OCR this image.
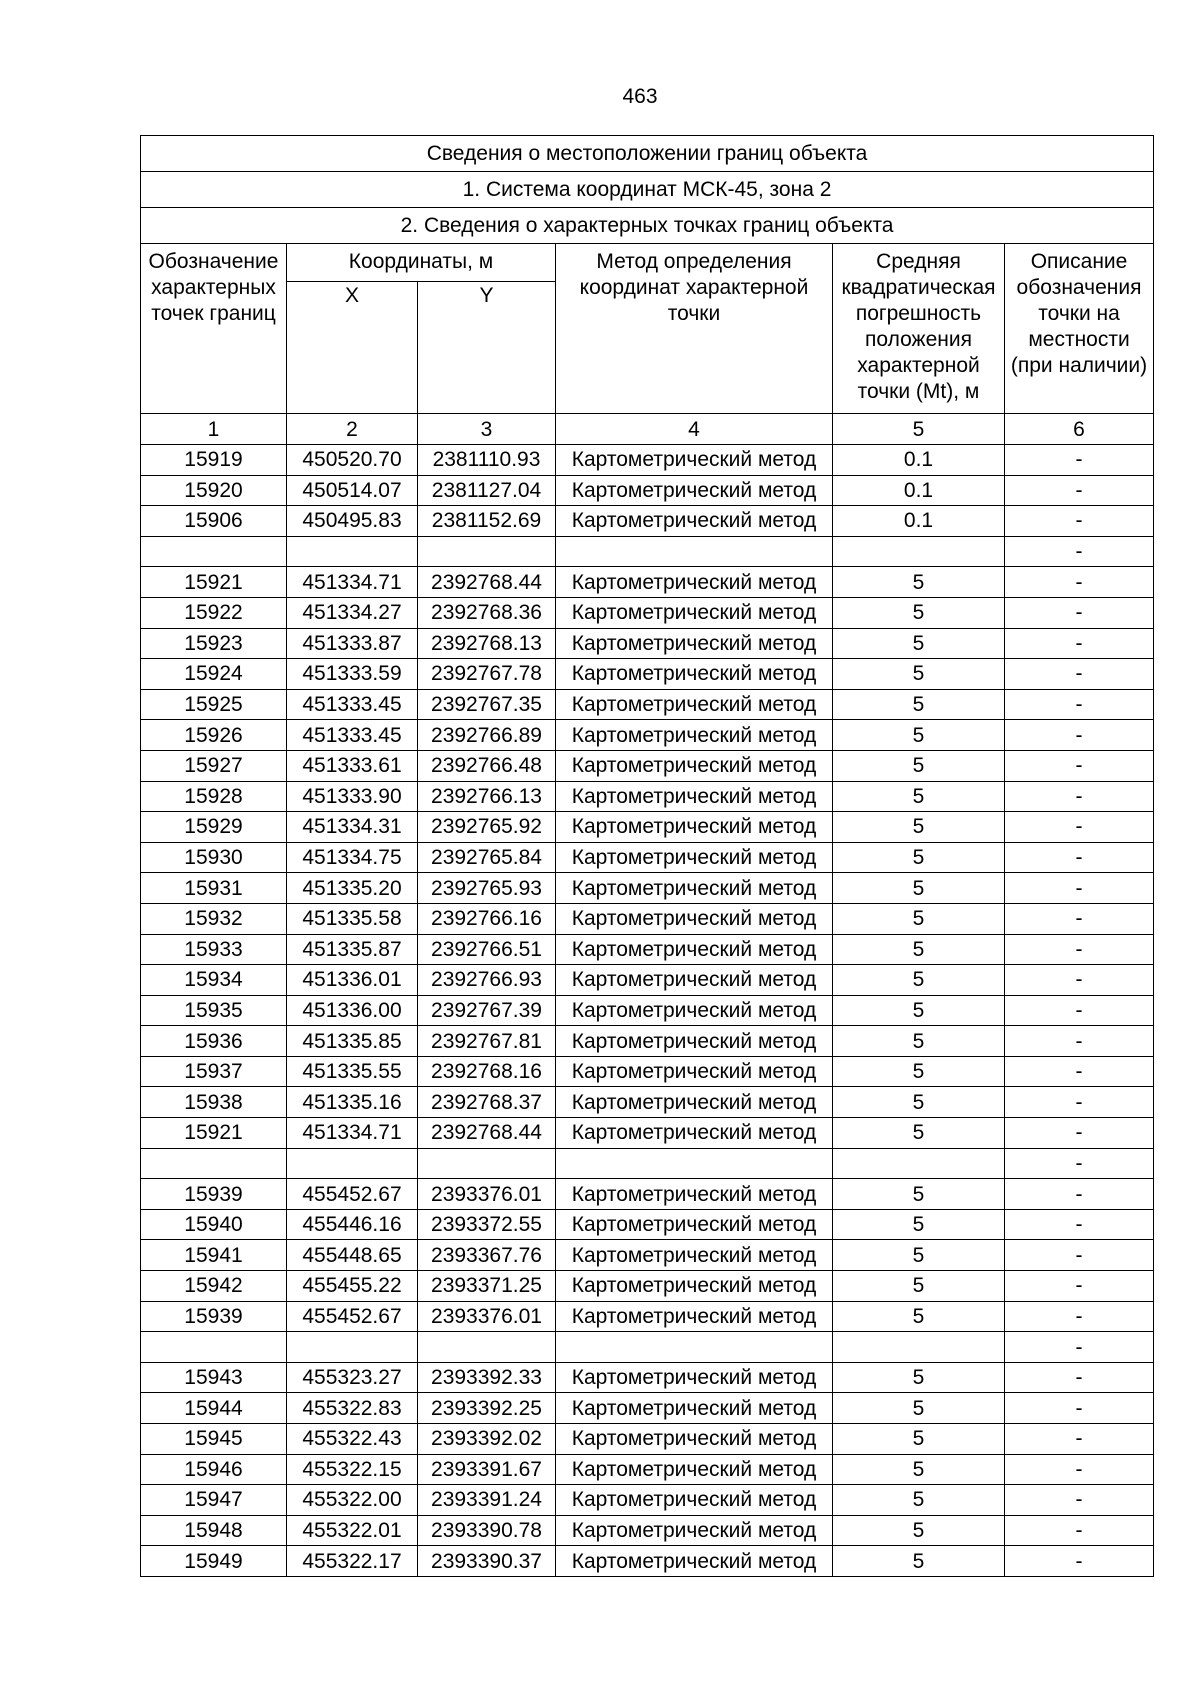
463
Сведения о местоположении границ объекта					
1. Система координат МСК-45, зона 2					
2. Сведения о характерных точках границ объекта					
Обозначение характерных точек границ	Координаты, м		Метод определения координат характерной точки	Средняя квадратическая погрешность положения характерной точки (Mt), м	Описание обозначения точки на местности (при наличии)
	X	Y			
1	2	3	4	5	6
15919	450520.70	2381110.93	Картометрический метод	0.1	-
15920	450514.07	2381127.04	Картометрический метод	0.1	-
15906	450495.83	2381152.69	Картометрический метод	0.1	-
					-
15921	451334.71	2392768.44	Картометрический метод	5	-
15922	451334.27	2392768.36	Картометрический метод	5	-
15923	451333.87	2392768.13	Картометрический метод	5	-
15924	451333.59	2392767.78	Картометрический метод	5	-
15925	451333.45	2392767.35	Картометрический метод	5	-
15926	451333.45	2392766.89	Картометрический метод	5	-
15927	451333.61	2392766.48	Картометрический метод	5	-
15928	451333.90	2392766.13	Картометрический метод	5	-
15929	451334.31	2392765.92	Картометрический метод	5	-
15930	451334.75	2392765.84	Картометрический метод	5	-
15931	451335.20	2392765.93	Картометрический метод	5	-
15932	451335.58	2392766.16	Картометрический метод	5	-
15933	451335.87	2392766.51	Картометрический метод	5	-
15934	451336.01	2392766.93	Картометрический метод	5	-
15935	451336.00	2392767.39	Картометрический метод	5	-
15936	451335.85	2392767.81	Картометрический метод	5	-
15937	451335.55	2392768.16	Картометрический метод	5	-
15938	451335.16	2392768.37	Картометрический метод	5	-
15921	451334.71	2392768.44	Картометрический метод	5	-
					-
15939	455452.67	2393376.01	Картометрический метод	5	-
15940	455446.16	2393372.55	Картометрический метод	5	-
15941	455448.65	2393367.76	Картометрический метод	5	-
15942	455455.22	2393371.25	Картометрический метод	5	-
15939	455452.67	2393376.01	Картометрический метод	5	-
					-
15943	455323.27	2393392.33	Картометрический метод	5	-
15944	455322.83	2393392.25	Картометрический метод	5	-
15945	455322.43	2393392.02	Картометрический метод	5	-
15946	455322.15	2393391.67	Картометрический метод	5	-
15947	455322.00	2393391.24	Картометрический метод	5	-
15948	455322.01	2393390.78	Картометрический метод	5	-
15949	455322.17	2393390.37	Картометрический метод	5	-
